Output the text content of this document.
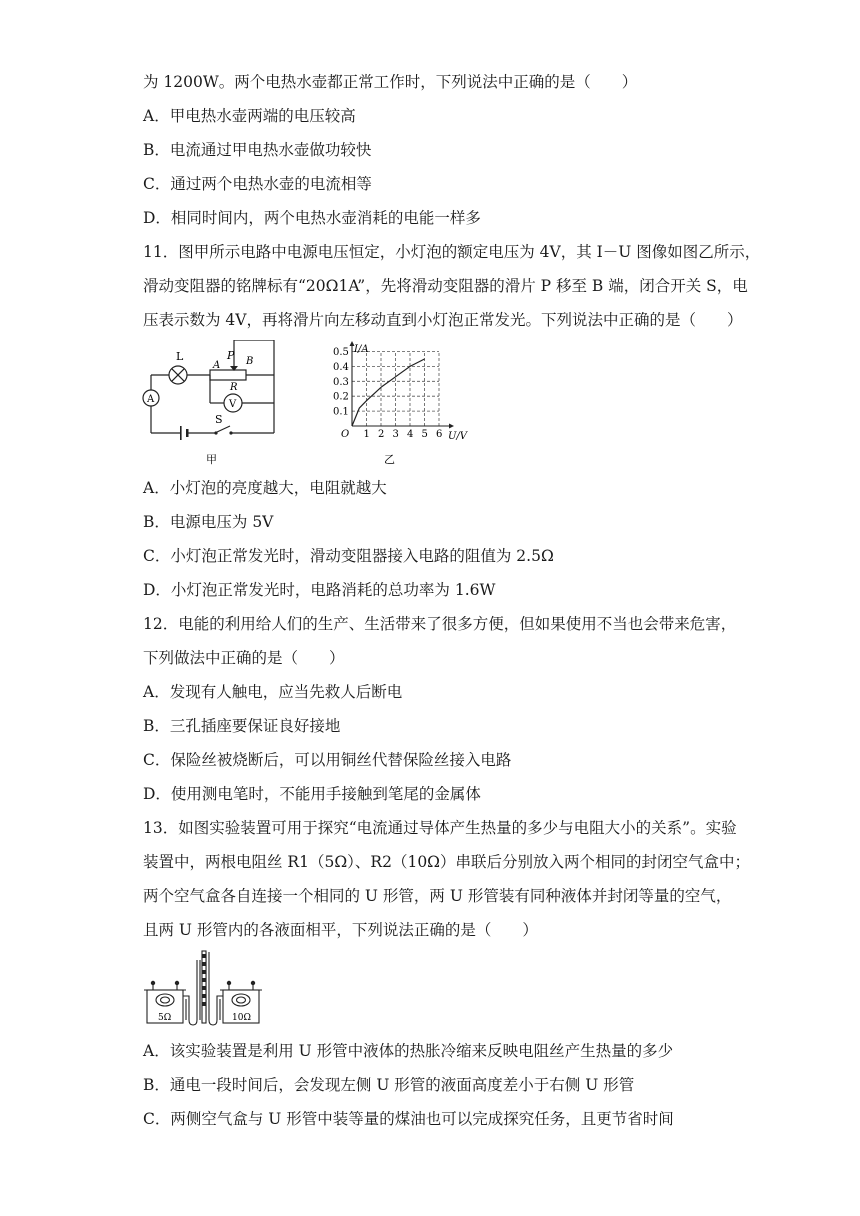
为 1200W。两个电热水壶都正常工作时，下列说法中正确的是（　　）
A．甲电热水壶两端的电压较高
B．电流通过甲电热水壶做功较快
C．通过两个电热水壶的电流相等
D．相同时间内，两个电热水壶消耗的电能一样多
11．图甲所示电路中电源电压恒定，小灯泡的额定电压为 4V，其 I－U 图像如图乙所示，
滑动变阻器的铭牌标有“20Ω1A”，先将滑动变阻器的滑片 P 移至 B 端，闭合开关 S，电
压表示数为 4V，再将滑片向左移动直到小灯泡正常发光。下列说法中正确的是（　　）
L	P
A	B
R
A	V
S
甲
1 2 3 4 5 6
0.5
0.4
0.3
0.2
0.1
I/A
U/V
O
乙
A．小灯泡的亮度越大，电阻就越大
B．电源电压为 5V
C．小灯泡正常发光时，滑动变阻器接入电路的阻值为 2.5Ω
D．小灯泡正常发光时，电路消耗的总功率为 1.6W
12．电能的利用给人们的生产、生活带来了很多方便，但如果使用不当也会带来危害，
下列做法中正确的是（　　）
A．发现有人触电，应当先救人后断电
B．三孔插座要保证良好接地
C．保险丝被烧断后，可以用铜丝代替保险丝接入电路
D．使用测电笔时，不能用手接触到笔尾的金属体
13．如图实验装置可用于探究“电流通过导体产生热量的多少与电阻大小的关系”。实验
装置中，两根电阻丝 R1（5Ω）、R2（10Ω）串联后分别放入两个相同的封闭空气盒中；
两个空气盒各自连接一个相同的 U 形管，两 U 形管装有同种液体并封闭等量的空气，
且两 U 形管内的各液面相平，下列说法正确的是（　　）
5Ω	10Ω
A．该实验装置是利用 U 形管中液体的热胀冷缩来反映电阻丝产生热量的多少
B．通电一段时间后，会发现左侧 U 形管的液面高度差小于右侧 U 形管
C．两侧空气盒与 U 形管中装等量的煤油也可以完成探究任务，且更节省时间
